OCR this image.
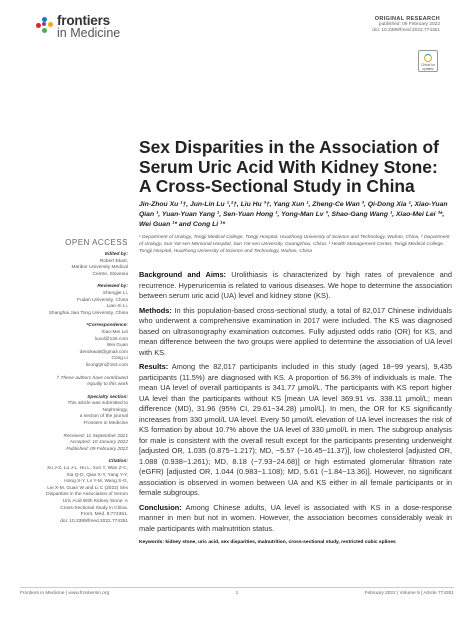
frontiers
in Medicine
ORIGINAL RESEARCH
published: 09 February 2022
doi: 10.3389/fmed.2022.774351
Check for updates
Sex Disparities in the Association of Serum Uric Acid With Kidney Stone: A Cross-Sectional Study in China
Jin-Zhou Xu ¹†, Jun-Lin Lu ¹,²†, Liu Hu ³†, Yang Xun ¹, Zheng-Ce Wan ³, Qi-Dong Xia ¹, Xiao-Yuan Qian ¹, Yuan-Yuan Yang ¹, Sen-Yuan Hong ¹, Yong-Man Lv ³, Shao-Gang Wang ¹, Xiao-Mei Lei ³*, Wei Guan ¹* and Cong Li ¹*
¹ Department of Urology, Tongji Medical College, Tongji Hospital, Huazhong University of Science and Technology, Wuhan, China, ² Department of Urology, Sun Yat-sen Memorial Hospital, Sun Yat-sen University, Guangzhou, China, ³ Health Management Center, Tongji Medical College, Tongji Hospital, Huazhong University of Science and Technology, Wuhan, China
OPEN ACCESS
Edited by:
Robert Ekart,
Maribor University Medical
Centre, Slovenia
Reviewed by:
Shengjie Li,
Fudan University, China
Lian-Xi Li,
Shanghai Jiao Tong University, China
*Correspondence:
Xiao-Mei Lei
luxul@126.com
Wei Guan
denokwait@gmail.com
Cong Li
licongtjm@163.com
† These authors have contributed
equally to this work
Specialty section:
This article was submitted to
Nephrology,
a section of the journal
Frontiers in Medicine
Received: 11 September 2021
Accepted: 10 January 2022
Published: 09 February 2022
Citation:
Xu J-Z, Lu J-L, Hu L, Xun Y, Wan Z-C,
Xia Q-D, Qian X-Y, Yang Y-Y,
Hong S-Y, Lv Y-M, Wang S-G,
Lei X-M, Guan W and Li C (2022) Sex
Disparities in the Association of Serum
Uric Acid With Kidney Stone: A
Cross-Sectional Study in China.
Front. Med. 9:774351.
doi: 10.3389/fmed.2022.774351

Background and Aims: Urolithiasis is characterized by high rates of prevalence and recurrence. Hyperuricemia is related to various diseases. We hope to determine the association between serum uric acid (UA) level and kidney stone (KS).

Methods: In this population-based cross-sectional study, a total of 82,017 Chinese individuals who underwent a comprehensive examination in 2017 were included. The KS was diagnosed based on ultrasonography examination outcomes. Fully adjusted odds ratio (OR) for KS, and mean difference between the two groups were applied to determine the association of UA level with KS.

Results: Among the 82,017 participants included in this study (aged 18~99 years), 9,435 participants (11.5%) are diagnosed with KS. A proportion of 56.3% of individuals is male. The mean UA level of overall participants is 341.77 μmol/L. The participants with KS report higher UA level than the participants without KS [mean UA level 369.91 vs. 338.11 μmol/L; mean difference (MD), 31.96 (95% CI, 29.61~34.28) μmol/L]. In men, the OR for KS significantly increases from 330 μmol/L UA level. Every 50 μmol/L elevation of UA level increases the risk of KS formation by about 10.7% above the UA level of 330 μmol/L in men. The subgroup analysis for male is consistent with the overall result except for the participants presenting underweight [adjusted OR, 1.035 (0.875~1.217); MD, −5.57 (−16.45~11.37)], low cholesterol [adjusted OR, 1.088 (0.938~1.261); MD, 8.18 (−7.93~24.68)] or high estimated glomerular filtration rate (eGFR) [adjusted OR, 1.044 (0.983~1.108); MD, 5.61 (−1.84~13.36)]. However, no significant association is observed in women between UA and KS either in all female participants or in female subgroups.

Conclusion: Among Chinese adults, UA level is associated with KS in a dose-response manner in men but not in women. However, the association becomes considerably weak in male participants with malnutrition status.

Keywords: kidney stone, uric acid, sex disparities, malnutrition, cross-sectional study, restricted cubic splines

Frontiers in Medicine | www.frontiersin.org	1	February 2022 | Volume 9 | Article 774351
